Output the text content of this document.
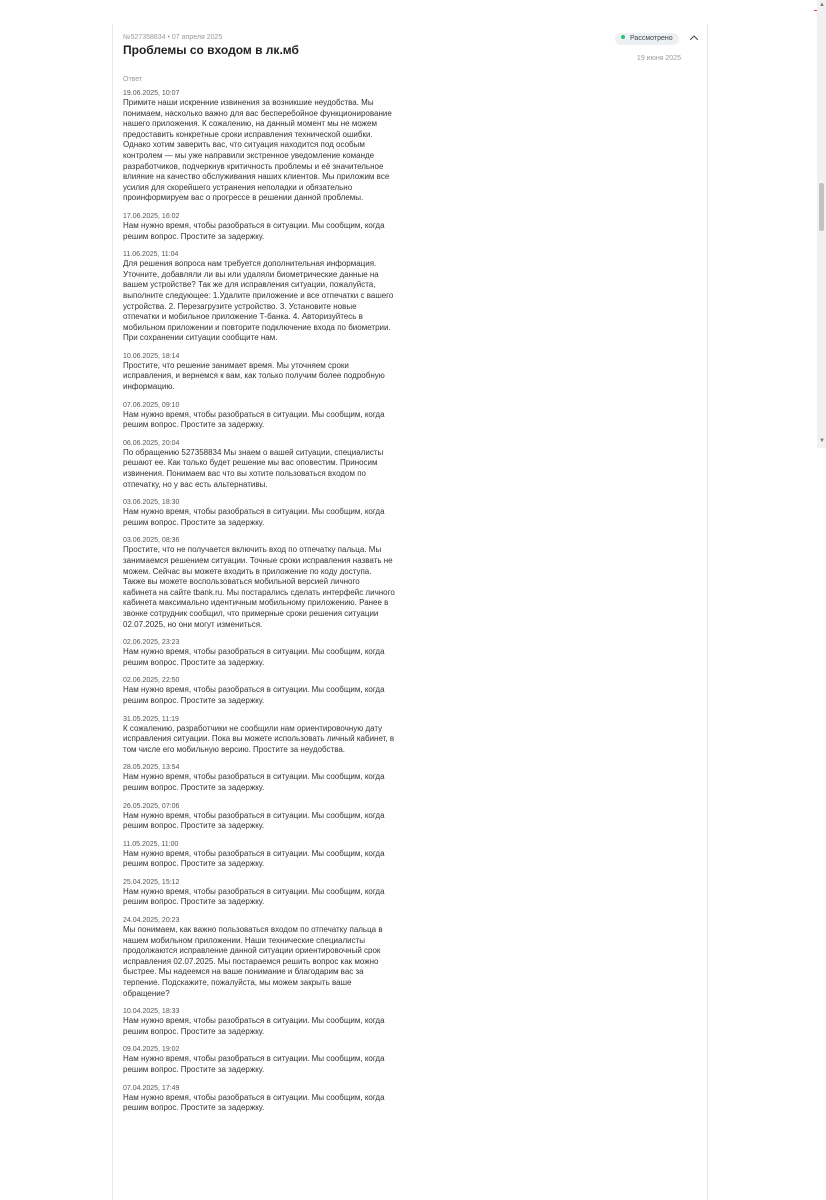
№527358834 • 07 апреля 2025
Проблемы со входом в лк.мб
Рассмотрено
19 июня 2025
Ответ
19.06.2025, 10:07
Примите наши искренние извинения за возникшие неудобства. Мы понимаем, насколько важно для вас бесперебойное функционирование нашего приложения. К сожалению, на данный момент мы не можем предоставить конкретные сроки исправления технической ошибки. Однако хотим заверить вас, что ситуация находится под особым контролем — мы уже направили экстренное уведомление команде разработчиков, подчеркнув критичность проблемы и её значительное влияние на качество обслуживания наших клиентов. Мы приложим все усилия для скорейшего устранения неполадки и обязательно проинформируем вас о прогрессе в решении данной проблемы.
17.06.2025, 16:02
Нам нужно время, чтобы разобраться в ситуации. Мы сообщим, когда решим вопрос. Простите за задержку.
11.06.2025, 11:04
Для решения вопроса нам требуется дополнительная информация. Уточните, добавляли ли вы или удаляли биометрические данные на вашем устройстве? Так же для исправления ситуации, пожалуйста, выполните следующее: 1.Удалите приложение и все отпечатки с вашего устройства. 2. Перезагрузите устройство. 3. Установите новые отпечатки и мобильное приложение Т-банка. 4. Авторизуйтесь в мобильном приложении и повторите подключение входа по биометрии. При сохранении ситуации сообщите нам.
10.06.2025, 18:14
Простите, что решение занимает время. Мы уточняем сроки исправления, и вернемся к вам, как только получим более подробную информацию.
07.06.2025, 09:10
Нам нужно время, чтобы разобраться в ситуации. Мы сообщим, когда решим вопрос. Простите за задержку.
06.06.2025, 20:04
По обращению 527358834 Мы знаем о вашей ситуации, специалисты решают ее. Как только будет решение мы вас оповестим. Приносим извинения. Понимаем вас что вы хотите пользоваться входом по отпечатку, но у вас есть альтернативы.
03.06.2025, 18:30
Нам нужно время, чтобы разобраться в ситуации. Мы сообщим, когда решим вопрос. Простите за задержку.
03.06.2025, 08:36
Простите, что не получается включить вход по отпечатку пальца. Мы занимаемся решением ситуации. Точные сроки исправления назвать не можем. Сейчас вы можете входить в приложение по коду доступа. Также вы можете воспользоваться мобильной версией личного кабинета на сайте tbank.ru. Мы постарались сделать интерфейс личного кабинета максимально идентичным мобильному приложению. Ранее в звонке сотрудник сообщил, что примерные сроки решения ситуации 02.07.2025, но они могут измениться.
02.06.2025, 23:23
Нам нужно время, чтобы разобраться в ситуации. Мы сообщим, когда решим вопрос. Простите за задержку.
02.06.2025, 22:50
Нам нужно время, чтобы разобраться в ситуации. Мы сообщим, когда решим вопрос. Простите за задержку.
31.05.2025, 11:19
К сожалению, разработчики не сообщили нам ориентировочную дату исправления ситуации. Пока вы можете использовать личный кабинет, в том числе его мобильную версию. Простите за неудобства.
28.05.2025, 13:54
Нам нужно время, чтобы разобраться в ситуации. Мы сообщим, когда решим вопрос. Простите за задержку.
26.05.2025, 07:06
Нам нужно время, чтобы разобраться в ситуации. Мы сообщим, когда решим вопрос. Простите за задержку.
11.05.2025, 11:00
Нам нужно время, чтобы разобраться в ситуации. Мы сообщим, когда решим вопрос. Простите за задержку.
25.04.2025, 15:12
Нам нужно время, чтобы разобраться в ситуации. Мы сообщим, когда решим вопрос. Простите за задержку.
24.04.2025, 20:23
Мы понимаем, как важно пользоваться входом по отпечатку пальца в нашем мобильном приложении. Наши технические специалисты продолжаются исправление данной ситуации ориентировочный срок исправления 02.07.2025. Мы постараемся решить вопрос как можно быстрее. Мы надеемся на ваше понимание и благодарим вас за терпение. Подскажите, пожалуйста, мы можем закрыть ваше обращение?
10.04.2025, 18:33
Нам нужно время, чтобы разобраться в ситуации. Мы сообщим, когда решим вопрос. Простите за задержку.
09.04.2025, 19:02
Нам нужно время, чтобы разобраться в ситуации. Мы сообщим, когда решим вопрос. Простите за задержку.
07.04.2025, 17:49
Нам нужно время, чтобы разобраться в ситуации. Мы сообщим, когда решим вопрос. Простите за задержку.
▲
▼
